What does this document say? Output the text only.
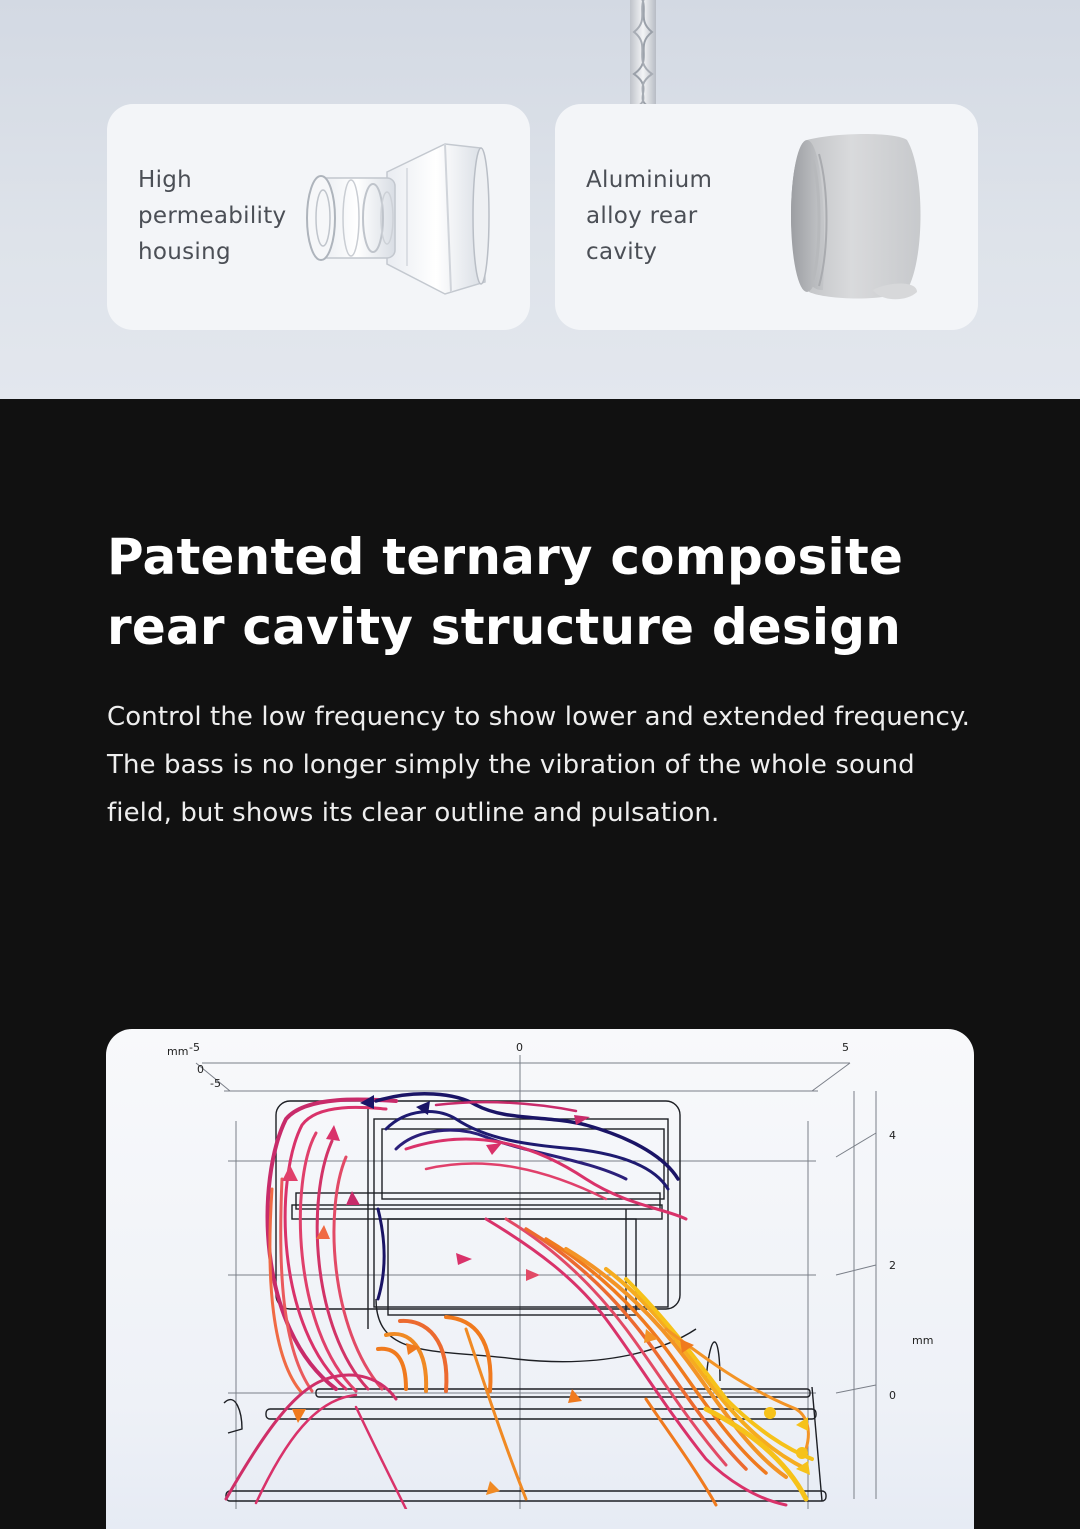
High
permeability
housing
Aluminium
alloy rear
cavity
Patented ternary composite
rear cavity structure design
Control the low frequency to show lower and extended frequency.
The bass is no longer simply the vibration of the whole sound
field, but shows its clear outline and pulsation.
mm -5	0	5
0
-5
4
2
mm
0
